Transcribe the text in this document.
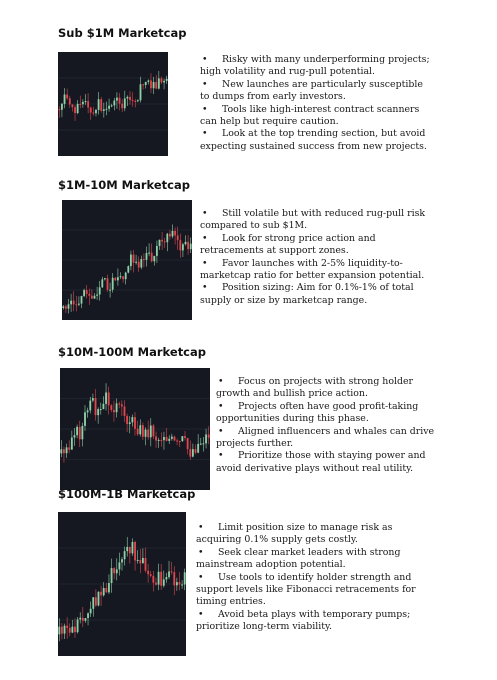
Sub $1M Marketcap
• Risky with many underperforming projects; high volatility and rug-pull potential.
• New launches are particularly susceptible to dumps from early investors.
• Tools like high-interest contract scanners can help but require caution.
• Look at the top trending section, but avoid expecting sustained success from new projects.
$1M-10M Marketcap
• Still volatile but with reduced rug-pull risk compared to sub $1M.
• Look for strong price action and retracements at support zones.
• Favor launches with 2-5% liquidity-to-marketcap ratio for better expansion potential.
• Position sizing: Aim for 0.1%-1% of total supply or size by marketcap range.
$10M-100M Marketcap
• Focus on projects with strong holder growth and bullish price action.
• Projects often have good profit-taking opportunities during this phase.
• Aligned influencers and whales can drive projects further.
• Prioritize those with staying power and avoid derivative plays without real utility.
$100M-1B Marketcap
• Limit position size to manage risk as acquiring 0.1% supply gets costly.
• Seek clear market leaders with strong mainstream adoption potential.
• Use tools to identify holder strength and support levels like Fibonacci retracements for timing entries.
• Avoid beta plays with temporary pumps; prioritize long-term viability.
